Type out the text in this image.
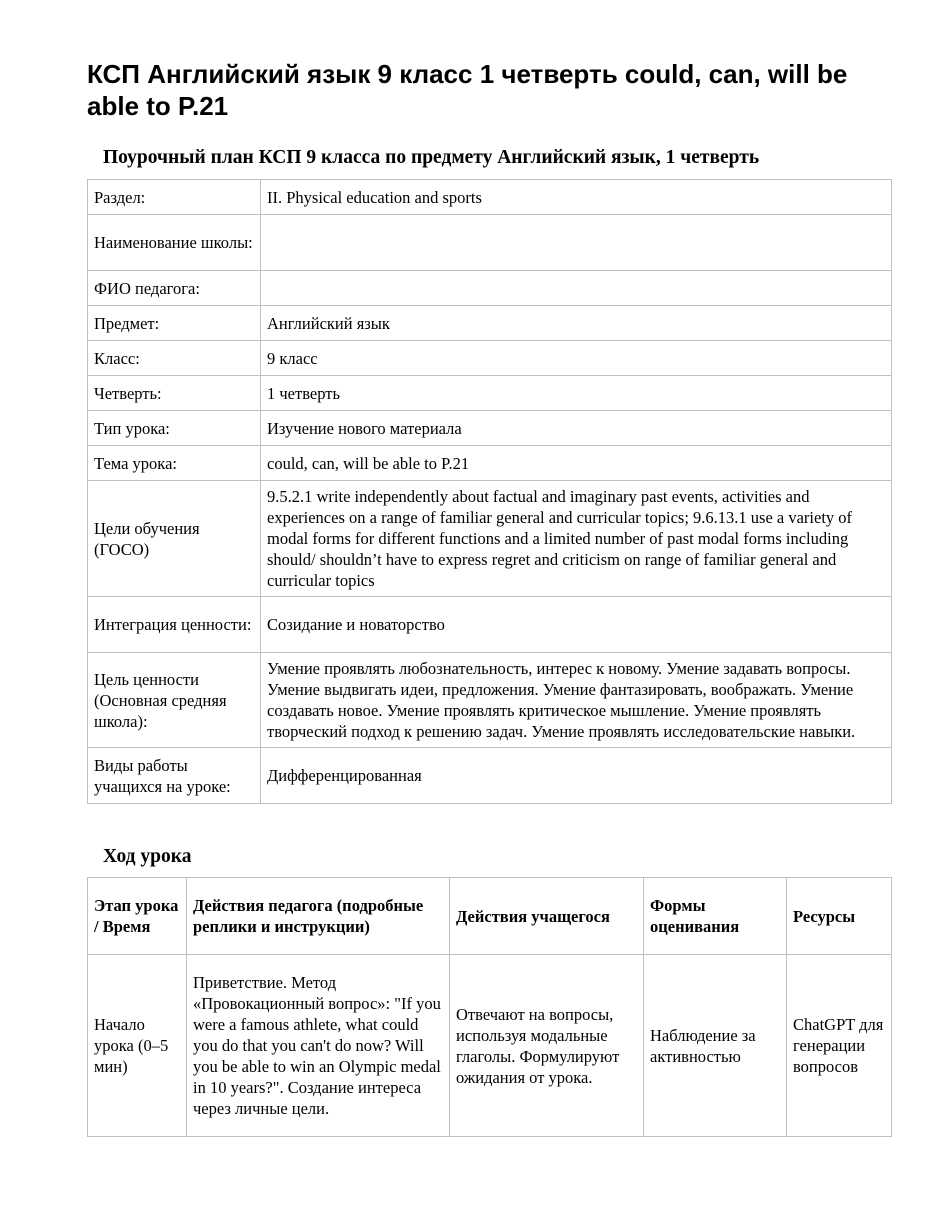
КСП Английский язык 9 класс 1 четверть could, can, will be able to P.21
Поурочный план КСП 9 класса по предмету Английский язык, 1 четверть
Раздел:	II. Physical education and sports
Наименование школы:	
ФИО педагога:	
Предмет:	Английский язык
Класс:	9 класс
Четверть:	1 четверть
Тип урока:	Изучение нового материала
Тема урока:	could, can, will be able to P.21
Цели обучения (ГОСО)	9.5.2.1 write independently about factual and imaginary past events, activities and experiences on a range of familiar general and curricular topics; 9.6.13.1 use a variety of modal forms for different functions and a limited number of past modal forms including should/ shouldn’t have to express regret and criticism on range of familiar general and curricular topics
Интеграция ценности:	Созидание и новаторство
Цель ценности (Основная средняя школа):	Умение проявлять любознательность, интерес к новому. Умение задавать вопросы. Умение выдвигать идеи, предложения. Умение фантазировать, воображать. Умение создавать новое. Умение проявлять критическое мышление. Умение проявлять творческий подход к решению задач. Умение проявлять исследовательские навыки.
Виды работы учащихся на уроке:	Дифференцированная
Ход урока
Этап урока / Время	Действия педагога (подробные реплики и инструкции)	Действия учащегося	Формы оценивания	Ресурсы
Начало урока (0–5 мин)	Приветствие. Метод «Провокационный вопрос»: "If you were a famous athlete, what could you do that you can't do now? Will you be able to win an Olympic medal in 10 years?". Создание интереса через личные цели.	Отвечают на вопросы, используя модальные глаголы. Формулируют ожидания от урока.	Наблюдение за активностью	ChatGPT для генерации вопросов
